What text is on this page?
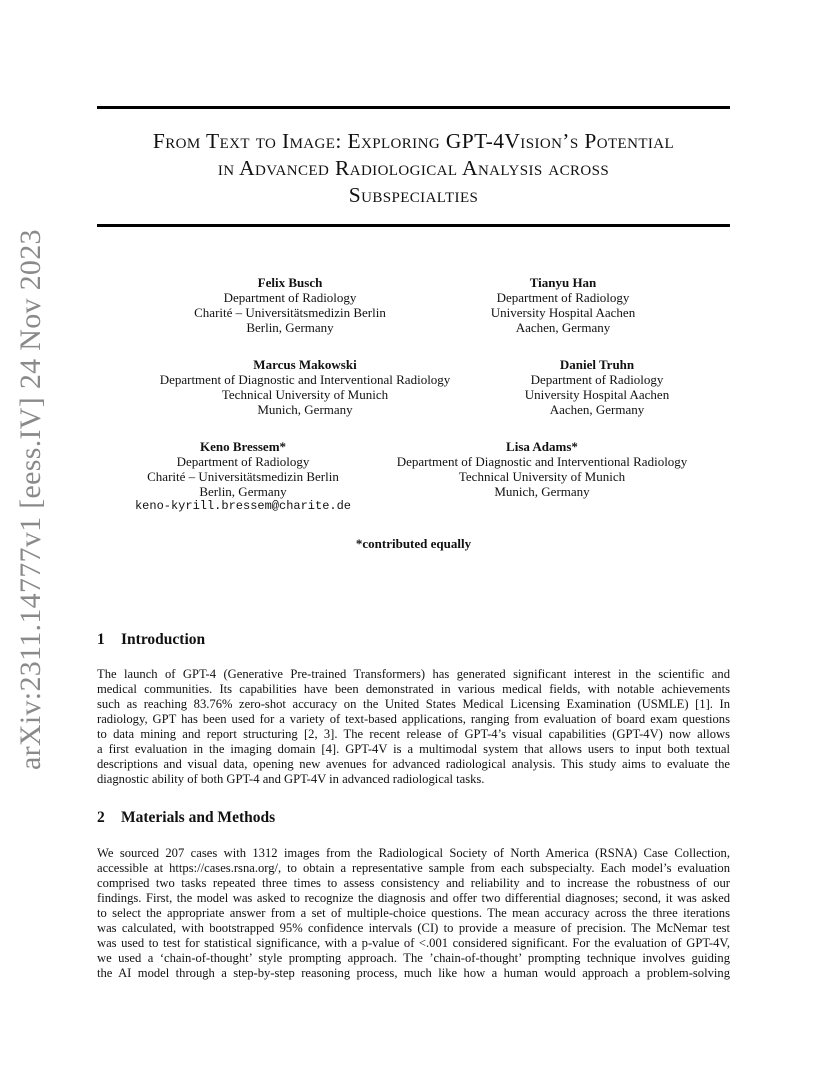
arXiv:2311.14777v1 [eess.IV] 24 Nov 2023
From Text to Image: Exploring GPT-4Vision’s Potential
in Advanced Radiological Analysis across
Subspecialties
Felix Busch
Department of Radiology
Charité – Universitätsmedizin Berlin
Berlin, Germany
Tianyu Han
Department of Radiology
University Hospital Aachen
Aachen, Germany
Marcus Makowski
Department of Diagnostic and Interventional Radiology
Technical University of Munich
Munich, Germany
Daniel Truhn
Department of Radiology
University Hospital Aachen
Aachen, Germany
Keno Bressem*
Department of Radiology
Charité – Universitätsmedizin Berlin
Berlin, Germany
keno-kyrill.bressem@charite.de
Lisa Adams*
Department of Diagnostic and Interventional Radiology
Technical University of Munich
Munich, Germany
*contributed equally
1 Introduction
The launch of GPT-4 (Generative Pre-trained Transformers) has generated significant interest in the scientific and
medical communities. Its capabilities have been demonstrated in various medical fields, with notable achievements
such as reaching 83.76% zero-shot accuracy on the United States Medical Licensing Examination (USMLE) [1]. In
radiology, GPT has been used for a variety of text-based applications, ranging from evaluation of board exam questions
to data mining and report structuring [2, 3]. The recent release of GPT-4’s visual capabilities (GPT-4V) now allows
a first evaluation in the imaging domain [4]. GPT-4V is a multimodal system that allows users to input both textual
descriptions and visual data, opening new avenues for advanced radiological analysis. This study aims to evaluate the
diagnostic ability of both GPT-4 and GPT-4V in advanced radiological tasks.
2 Materials and Methods
We sourced 207 cases with 1312 images from the Radiological Society of North America (RSNA) Case Collection,
accessible at https://cases.rsna.org/, to obtain a representative sample from each subspecialty. Each model’s evaluation
comprised two tasks repeated three times to assess consistency and reliability and to increase the robustness of our
findings. First, the model was asked to recognize the diagnosis and offer two differential diagnoses; second, it was asked
to select the appropriate answer from a set of multiple-choice questions. The mean accuracy across the three iterations
was calculated, with bootstrapped 95% confidence intervals (CI) to provide a measure of precision. The McNemar test
was used to test for statistical significance, with a p-value of <.001 considered significant. For the evaluation of GPT-4V,
we used a ‘chain-of-thought’ style prompting approach. The ’chain-of-thought’ prompting technique involves guiding
the AI model through a step-by-step reasoning process, much like how a human would approach a problem-solving
